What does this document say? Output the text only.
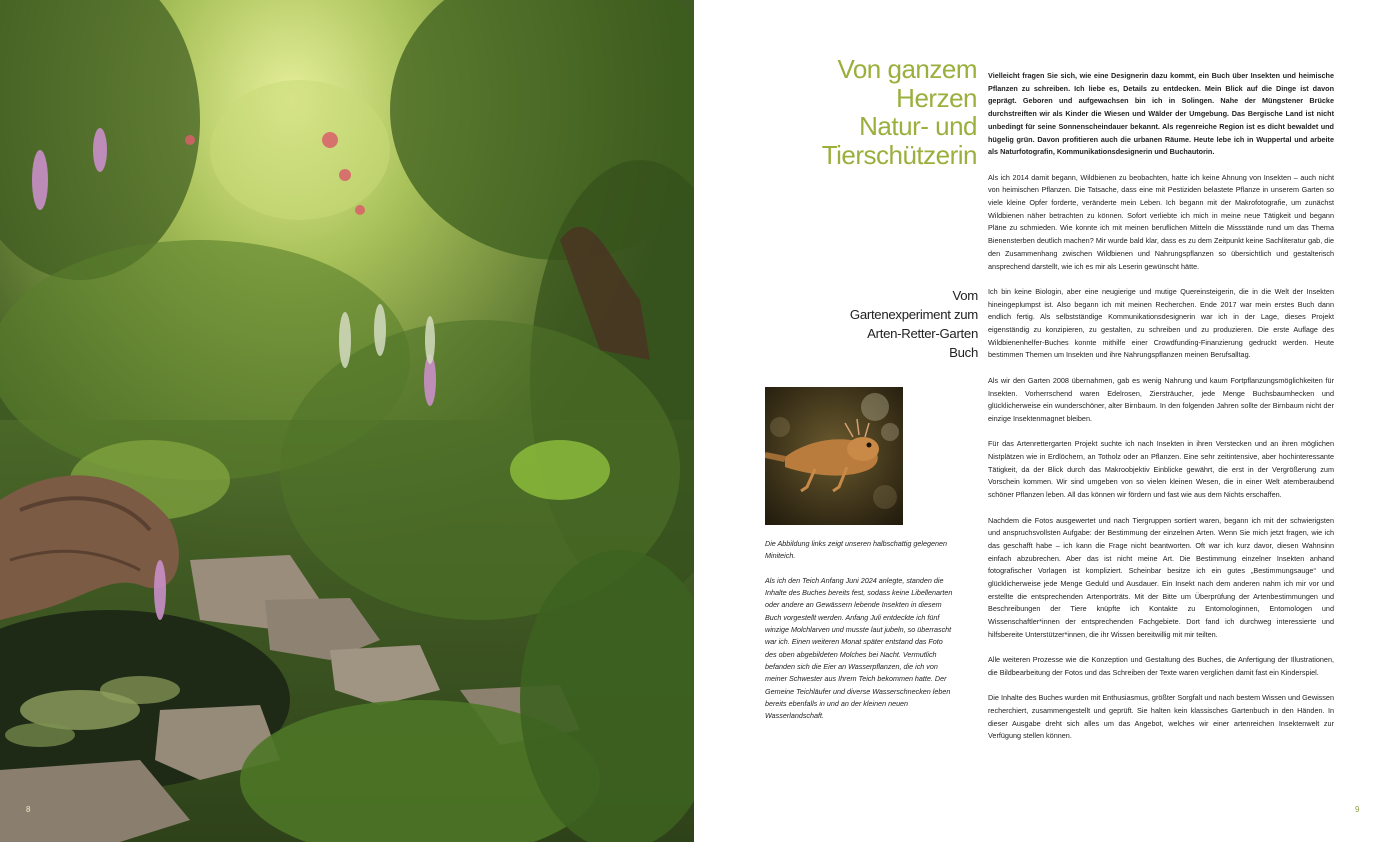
8
Von ganzem
Herzen
Natur- und
Tierschützerin
Vom
Gartenexperiment zum
Arten-Retter-Garten
Buch

Die Abbildung links zeigt unseren halbschattig gelegenen Miniteich.

Als ich den Teich Anfang Juni 2024 anlegte, standen die Inhalte des Buches bereits fest, sodass keine Libellenarten oder andere an Gewässern lebende Insekten in diesem Buch vorgestellt werden. Anfang Juli entdeckte ich fünf winzige Molchlarven und musste laut jubeln, so überrascht war ich. Einen weiteren Monat später entstand das Foto des oben abgebildeten Molches bei Nacht. Vermutlich befanden sich die Eier an Wasserpflanzen, die ich von meiner Schwester aus Ihrem Teich bekommen hatte. Der Gemeine Teichläufer und diverse Wasserschnecken leben bereits ebenfalls in und an der kleinen neuen Wasserlandschaft.

Vielleicht fragen Sie sich, wie eine Designerin dazu kommt, ein Buch über Insekten und heimische Pflanzen zu schreiben. Ich liebe es, Details zu entdecken. Mein Blick auf die Dinge ist davon geprägt. Geboren und aufgewachsen bin ich in Solingen. Nahe der Müngstener Brücke durchstreiften wir als Kinder die Wiesen und Wälder der Umgebung. Das Bergische Land ist nicht unbedingt für seine Sonnenscheindauer bekannt. Als regenreiche Region ist es dicht bewaldet und hügelig grün. Davon profitieren auch die urbanen Räume. Heute lebe ich in Wuppertal und arbeite als Naturfotografin, Kommunikationsdesignerin und Buchautorin.

Als ich 2014 damit begann, Wildbienen zu beobachten, hatte ich keine Ahnung von Insekten – auch nicht von heimischen Pflanzen. Die Tatsache, dass eine mit Pestiziden belastete Pflanze in unserem Garten so viele kleine Opfer forderte, veränderte mein Leben. Ich begann mit der Makrofotografie, um zunächst Wildbienen näher betrachten zu können. Sofort verliebte ich mich in meine neue Tätigkeit und begann Pläne zu schmieden. Wie konnte ich mit meinen beruflichen Mitteln die Missstände rund um das Thema Bienensterben deutlich machen? Mir wurde bald klar, dass es zu dem Zeitpunkt keine Sachliteratur gab, die den Zusammenhang zwischen Wildbienen und Nahrungspflanzen so übersichtlich und gestalterisch ansprechend darstellt, wie ich es mir als Leserin gewünscht hätte.

Ich bin keine Biologin, aber eine neugierige und mutige Quereinsteigerin, die in die Welt der Insekten hineingeplumpst ist. Also begann ich mit meinen Recherchen. Ende 2017 war mein erstes Buch dann endlich fertig. Als selbstständige Kommunikationsdesignerin war ich in der Lage, dieses Projekt eigenständig zu konzipieren, zu gestalten, zu schreiben und zu produzieren. Die erste Auflage des Wildbienenhelfer-Buches konnte mithilfe einer Crowdfunding-Finanzierung gedruckt werden. Heute bestimmen Themen um Insekten und ihre Nahrungspflanzen meinen Berufsalltag.

Als wir den Garten 2008 übernahmen, gab es wenig Nahrung und kaum Fortpflanzungsmöglichkeiten für Insekten. Vorherrschend waren Edelrosen, Ziersträucher, jede Menge Buchsbaumhecken und glücklicherweise ein wunderschöner, alter Birnbaum. In den folgenden Jahren sollte der Birnbaum nicht der einzige Insektenmagnet bleiben.

Für das Artenrettergarten Projekt suchte ich nach Insekten in ihren Verstecken und an ihren möglichen Nistplätzen wie in Erdlöchern, an Totholz oder an Pflanzen. Eine sehr zeitintensive, aber hochinteressante Tätigkeit, da der Blick durch das Makroobjektiv Einblicke gewährt, die erst in der Vergrößerung zum Vorschein kommen. Wir sind umgeben von so vielen kleinen Wesen, die in einer Welt atemberaubend schöner Pflanzen leben. All das können wir fördern und fast wie aus dem Nichts erschaffen.

Nachdem die Fotos ausgewertet und nach Tiergruppen sortiert waren, begann ich mit der schwierigsten und anspruchsvollsten Aufgabe: der Bestimmung der einzelnen Arten. Wenn Sie mich jetzt fragen, wie ich das geschafft habe – ich kann die Frage nicht beantworten. Oft war ich kurz davor, diesen Wahnsinn einfach abzubrechen. Aber das ist nicht meine Art. Die Bestimmung einzelner Insekten anhand fotografischer Vorlagen ist kompliziert. Scheinbar besitze ich ein gutes „Bestimmungsauge“ und glücklicherweise jede Menge Geduld und Ausdauer. Ein Insekt nach dem anderen nahm ich mir vor und erstellte die entsprechenden Artenporträts. Mit der Bitte um Überprüfung der Artenbestimmungen und Beschreibungen der Tiere knüpfte ich Kontakte zu Entomologinnen, Entomologen und Wissenschaftler*innen der entsprechenden Fachgebiete. Dort fand ich durchweg interessierte und hilfsbereite Unterstützer*innen, die ihr Wissen bereitwillig mit mir teilten.

Alle weiteren Prozesse wie die Konzeption und Gestaltung des Buches, die Anfertigung der Illustrationen, die Bildbearbeitung der Fotos und das Schreiben der Texte waren verglichen damit fast ein Kinderspiel.

Die Inhalte des Buches wurden mit Enthusiasmus, größter Sorgfalt und nach bestem Wissen und Gewissen recherchiert, zusammengestellt und geprüft. Sie halten kein klassisches Gartenbuch in den Händen. In dieser Ausgabe dreht sich alles um das Angebot, welches wir einer artenreichen Insektenwelt zur Verfügung stellen können.

9
